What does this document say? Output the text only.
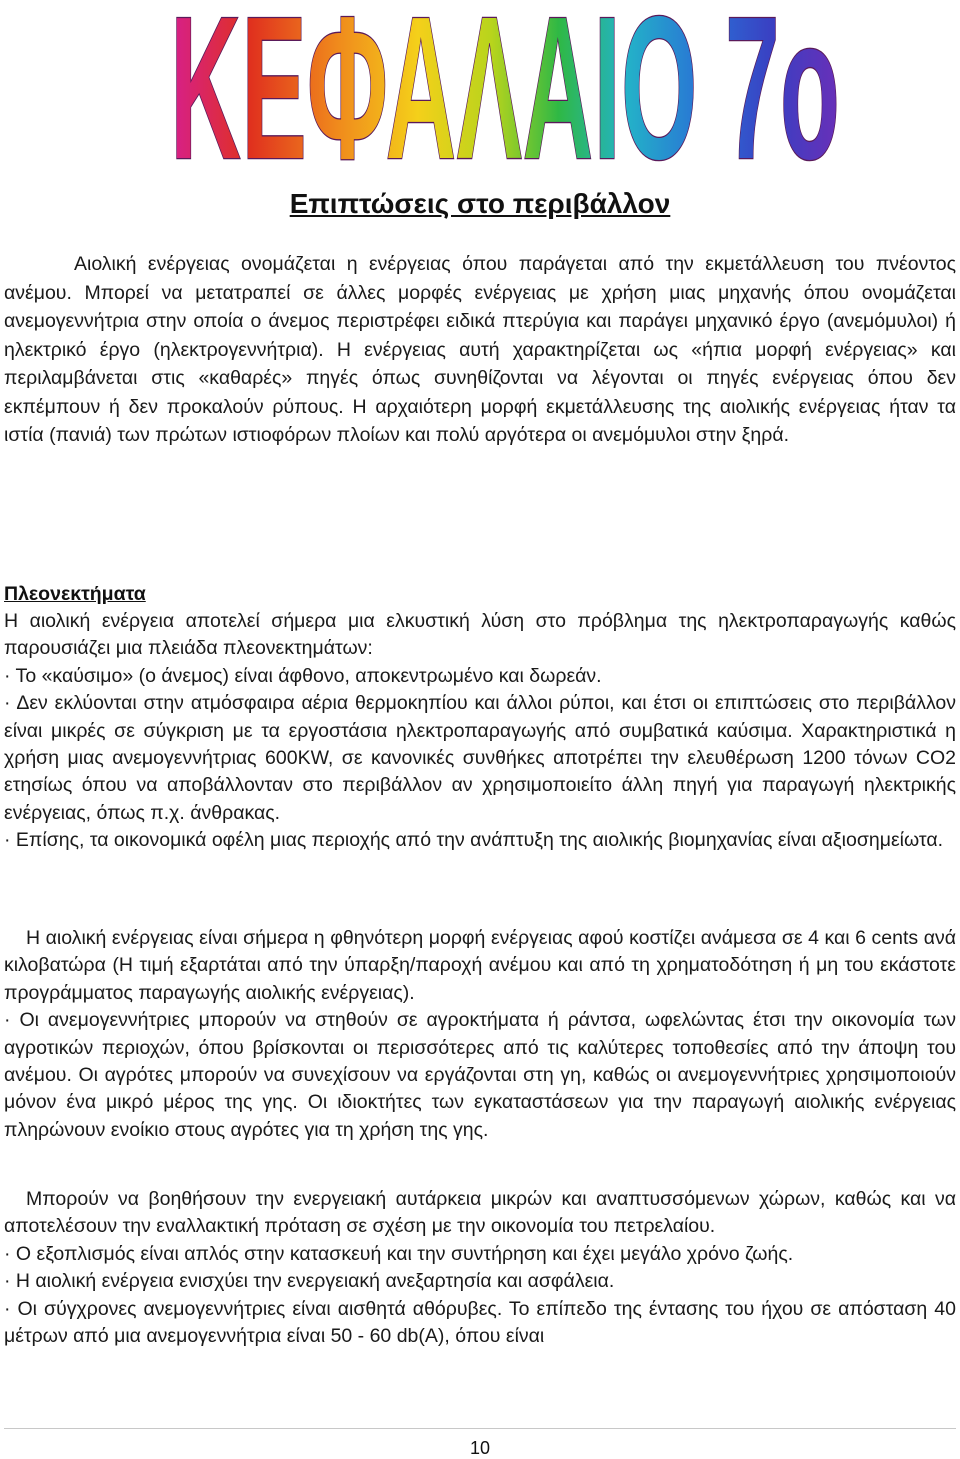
ΚΕΦΑΛΑΙΟ 7ο
Επιπτώσεις στο περιβάλλον

Αιολική ενέργειας ονομάζεται η ενέργειας όπου παράγεται από την εκμετάλλευση του πνέοντος ανέμου. Μπορεί να μετατραπεί σε άλλες μορφές ενέργειας με χρήση μιας μηχανής όπου ονομάζεται ανεμογεννήτρια στην οποία ο άνεμος περιστρέφει ειδικά πτερύγια και παράγει μηχανικό έργο (ανεμόμυλοι) ή ηλεκτρικό έργο (ηλεκτρογεννήτρια). Η ενέργειας αυτή χαρακτηρίζεται ως «ήπια μορφή ενέργειας» και περιλαμβάνεται στις «καθαρές» πηγές όπως συνηθίζονται να λέγονται οι πηγές ενέργειας όπου δεν εκπέμπουν ή δεν προκαλούν ρύπους. Η αρχαιότερη μορφή εκμετάλλευσης της αιολικής ενέργειας ήταν τα ιστία (πανιά) των πρώτων ιστιοφόρων πλοίων και πολύ αργότερα οι ανεμόμυλοι στην ξηρά.

Πλεονεκτήματα

Η αιολική ενέργεια αποτελεί σήμερα μια ελκυστική λύση στο πρόβλημα της ηλεκτροπαραγωγής καθώς παρουσιάζει μια πλειάδα πλεονεκτημάτων:

· Το «καύσιμο» (ο άνεμος) είναι άφθονο, αποκεντρωμένο και δωρεάν.

· Δεν εκλύονται στην ατμόσφαιρα αέρια θερμοκηπίου και άλλοι ρύποι, και έτσι οι επιπτώσεις στο περιβάλλον είναι μικρές σε σύγκριση με τα εργοστάσια ηλεκτροπαραγωγής από συμβατικά καύσιμα. Χαρακτηριστικά η χρήση μιας ανεμογεννήτριας 600KW, σε κανονικές συνθήκες αποτρέπει την ελευθέρωση 1200 τόνων CO2 ετησίως όπου να αποβάλλονταν στο περιβάλλον αν χρησιμοποιείτο άλλη πηγή για παραγωγή ηλεκτρικής ενέργειας, όπως π.χ. άνθρακας.

· Επίσης, τα οικονομικά οφέλη μιας περιοχής από την ανάπτυξη της αιολικής βιομηχανίας είναι αξιοσημείωτα.

Η αιολική ενέργειας είναι σήμερα η φθηνότερη μορφή ενέργειας αφού κοστίζει ανάμεσα σε 4 και 6 cents ανά κιλοβατώρα (Η τιμή εξαρτάται από την ύπαρξη/παροχή ανέμου και από τη χρηματοδότηση ή μη του εκάστοτε προγράμματος παραγωγής αιολικής ενέργειας).

· Οι ανεμογεννήτριες μπορούν να στηθούν σε αγροκτήματα ή ράντσα, ωφελώντας έτσι την οικονομία των αγροτικών περιοχών, όπου βρίσκονται οι περισσότερες από τις καλύτερες τοποθεσίες από την άποψη του ανέμου. Οι αγρότες μπορούν να συνεχίσουν να εργάζονται στη γη, καθώς οι ανεμογεννήτριες χρησιμοποιούν μόνον ένα μικρό μέρος της γης. Οι ιδιοκτήτες των εγκαταστάσεων για την παραγωγή αιολικής ενέργειας πληρώνουν ενοίκιο στους αγρότες για τη χρήση της γης.

Μπορούν να βοηθήσουν την ενεργειακή αυτάρκεια μικρών και αναπτυσσόμενων χώρων, καθώς και να αποτελέσουν την εναλλακτική πρόταση σε σχέση με την οικονομία του πετρελαίου.

· Ο εξοπλισμός είναι απλός στην κατασκευή και την συντήρηση και έχει μεγάλο χρόνο ζωής.

· Η αιολική ενέργεια ενισχύει την ενεργειακή ανεξαρτησία και ασφάλεια.

· Οι σύγχρονες ανεμογεννήτριες είναι αισθητά αθόρυβες. Το επίπεδο της έντασης του ήχου σε απόσταση 40 μέτρων από μια ανεμογεννήτρια είναι 50 - 60 db(A), όπου είναι

10
